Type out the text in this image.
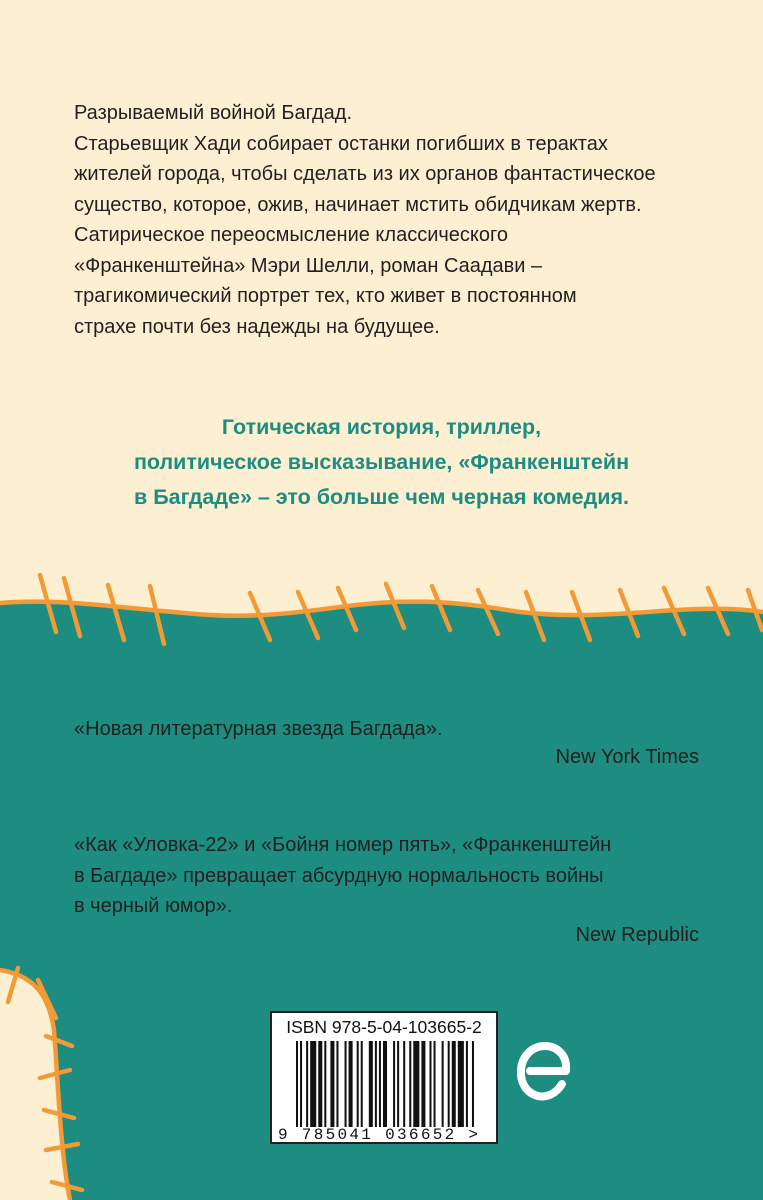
Разрываемый войной Багдад.

Старьевщик Хади собирает останки погибших в терактах

жителей города, чтобы сделать из их органов фантастическое

существо, которое, ожив, начинает мстить обидчикам жертв.

Сатирическое переосмысление классического

«Франкенштейна» Мэри Шелли, роман Саадави –

трагикомический портрет тех, кто живет в постоянном

страхе почти без надежды на будущее.

Готическая история, триллер,

политическое высказывание, «Франкенштейн

в Багдаде» – это больше чем черная комедия.

«Новая литературная звезда Багдада».

New York Times

«Как «Уловка-22» и «Бойня номер пять», «Франкенштейн

в Багдаде» превращает абсурдную нормальность войны

в черный юмор».

New Republic
ISBN 978-5-04-103665-2
9 785041 036652 >
